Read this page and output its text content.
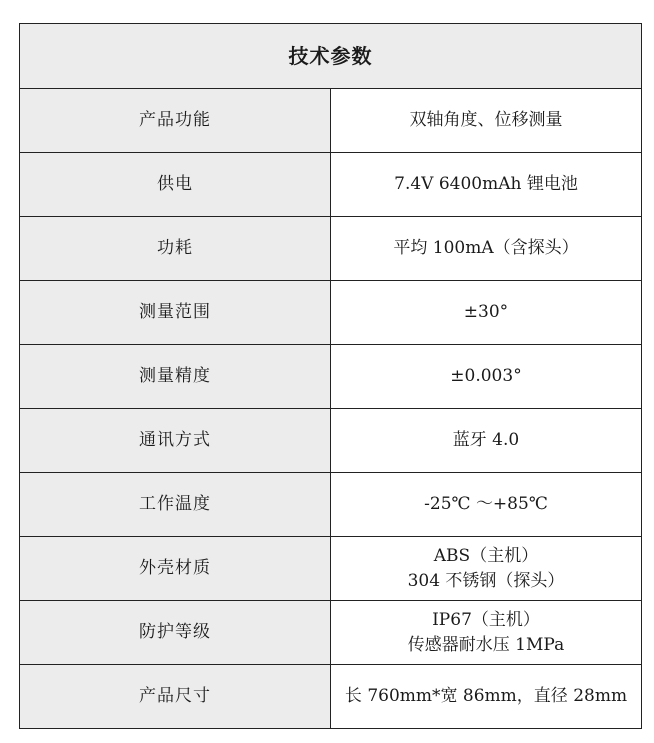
技术参数	
产品功能	双轴角度、位移测量

供电	7.4V 6400mAh 锂电池

功耗	平均 100mA（含探头）

测量范围	±30°

测量精度	±0.003°

通讯方式	蓝牙 4.0

工作温度	-25℃ ～+85℃

外壳材质	ABS（主机）
304 不锈钢（探头）

防护等级	IP67（主机）
传感器耐水压 1MPa

产品尺寸	长 760mm*宽 86mm，直径 28mm
